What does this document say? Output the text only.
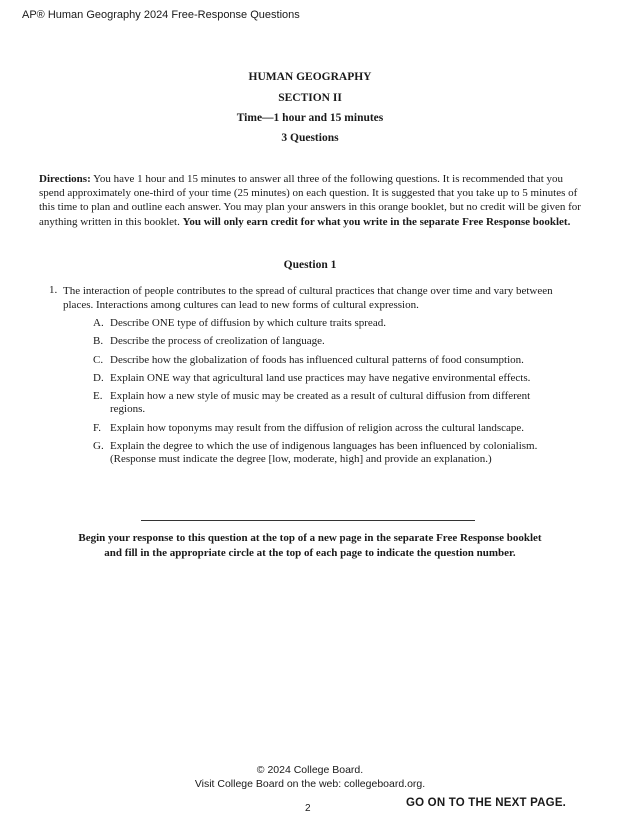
AP® Human Geography 2024 Free-Response Questions
HUMAN GEOGRAPHY
SECTION II
Time—1 hour and 15 minutes
3 Questions
Directions: You have 1 hour and 15 minutes to answer all three of the following questions. It is recommended that you spend approximately one-third of your time (25 minutes) on each question. It is suggested that you take up to 5 minutes of this time to plan and outline each answer. You may plan your answers in this orange booklet, but no credit will be given for anything written in this booklet. You will only earn credit for what you write in the separate Free Response booklet.
Question 1
1. The interaction of people contributes to the spread of cultural practices that change over time and vary between places. Interactions among cultures can lead to new forms of cultural expression.
A. Describe ONE type of diffusion by which culture traits spread.
B. Describe the process of creolization of language.
C. Describe how the globalization of foods has influenced cultural patterns of food consumption.
D. Explain ONE way that agricultural land use practices may have negative environmental effects.
E. Explain how a new style of music may be created as a result of cultural diffusion from different regions.
F. Explain how toponyms may result from the diffusion of religion across the cultural landscape.
G. Explain the degree to which the use of indigenous languages has been influenced by colonialism. (Response must indicate the degree [low, moderate, high] and provide an explanation.)
Begin your response to this question at the top of a new page in the separate Free Response booklet
and fill in the appropriate circle at the top of each page to indicate the question number.
© 2024 College Board.
Visit College Board on the web: collegeboard.org.
2	GO ON TO THE NEXT PAGE.
